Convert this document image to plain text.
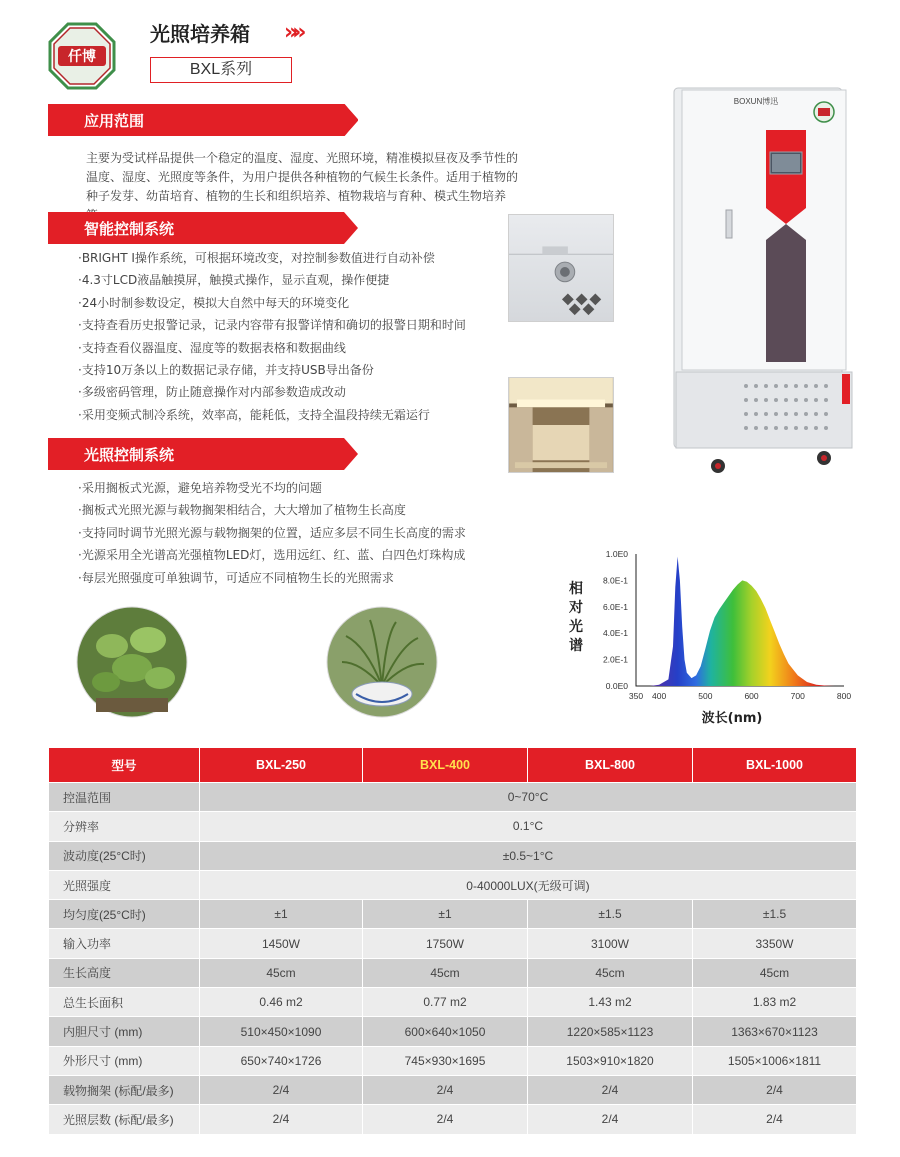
仟博
光照培养箱 »»
BXL系列
应用范围
主要为受试样品提供一个稳定的温度、湿度、光照环境，精准模拟昼夜及季节性的温度、湿度、光照度等条件，为用户提供各种植物的气候生长条件。适用于植物的种子发芽、幼苗培育、植物的生长和组织培养、植物栽培与育种、模式生物培养
智能控制系统
·BRIGHT I操作系统，可根据环境改变，对控制参数值进行自动补偿
·4.3寸LCD液晶触摸屏，触摸式操作，显示直观，操作便捷
·24小时制参数设定，模拟大自然中每天的环境变化
·支持查看历史报警记录，记录内容带有报警详情和确切的报警日期和时间
·支持查看仪器温度、湿度等的数据表格和数据曲线
·支持10万条以上的数据记录存储，并支持USB导出备份
·多级密码管理，防止随意操作对内部参数造成改动
·采用变频式制冷系统，效率高，能耗低，支持全温段持续无霜运行
光照控制系统
·采用搁板式光源，避免培养物受光不均的问题
·搁板式光照光源与载物搁架相结合，大大增加了植物生长高度
·支持同时调节光照光源与载物搁架的位置，适应多层不同生长高度的需求
·光源采用全光谱高光强植物LED灯，选用远红、红、蓝、白四色灯珠构成
·每层光照强度可单独调节，可适应不同植物生长的光照需求
BOXUN博迅
0.0E0
2.0E-1
4.0E-1
6.0E-1
8.0E-1
1.0E0
350 400	500	600	700	800
波长(nm)
相对光谱
型号	BXL-250	BXL-400	BXL-800	BXL-1000
控温范围	0~70°C			
分辨率	0.1°C			
波动度(25°C时)	±0.5~1°C			
光照强度	0-40000LUX(无级可调)			
均匀度(25°C时)	±1	±1	±1.5	±1.5
输入功率	1450W	1750W	3100W	3350W
生长高度	45cm	45cm	45cm	45cm
总生长面积	0.46 m2	0.77 m2	1.43 m2	1.83 m2
内胆尺寸 (mm)	510×450×1090	600×640×1050	1220×585×1123	1363×670×1123
外形尺寸 (mm)	650×740×1726	745×930×1695	1503×910×1820	1505×1006×1811
载物搁架 (标配/最多)	2/4	2/4	2/4	2/4
光照层数 (标配/最多)	2/4	2/4	2/4	2/4
